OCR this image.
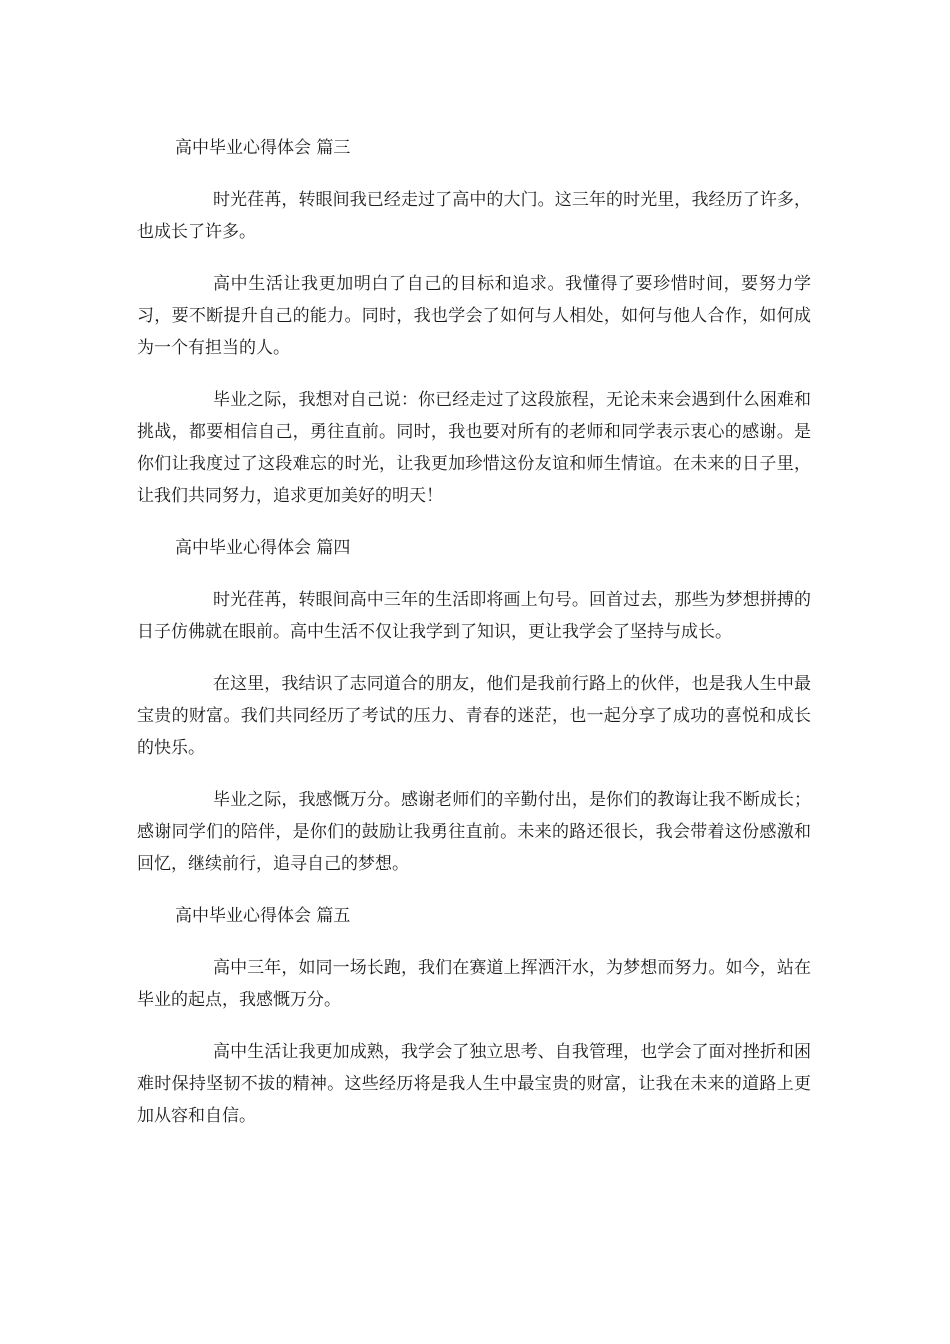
高中毕业心得体会 篇三

时光荏苒，转眼间我已经走过了高中的大门。这三年的时光里，我经历了许多，也成长了许多。

高中生活让我更加明白了自己的目标和追求。我懂得了要珍惜时间，要努力学习，要不断提升自己的能力。同时，我也学会了如何与人相处，如何与他人合作，如何成为一个有担当的人。

毕业之际，我想对自己说：你已经走过了这段旅程，无论未来会遇到什么困难和挑战，都要相信自己，勇往直前。同时，我也要对所有的老师和同学表示衷心的感谢。是你们让我度过了这段难忘的时光，让我更加珍惜这份友谊和师生情谊。在未来的日子里，让我们共同努力，追求更加美好的明天！

高中毕业心得体会 篇四

时光荏苒，转眼间高中三年的生活即将画上句号。回首过去，那些为梦想拼搏的日子仿佛就在眼前。高中生活不仅让我学到了知识，更让我学会了坚持与成长。

在这里，我结识了志同道合的朋友，他们是我前行路上的伙伴，也是我人生中最宝贵的财富。我们共同经历了考试的压力、青春的迷茫，也一起分享了成功的喜悦和成长的快乐。

毕业之际，我感慨万分。感谢老师们的辛勤付出，是你们的教诲让我不断成长；感谢同学们的陪伴，是你们的鼓励让我勇往直前。未来的路还很长，我会带着这份感激和回忆，继续前行，追寻自己的梦想。

高中毕业心得体会 篇五

高中三年，如同一场长跑，我们在赛道上挥洒汗水，为梦想而努力。如今，站在毕业的起点，我感慨万分。

高中生活让我更加成熟，我学会了独立思考、自我管理，也学会了面对挫折和困难时保持坚韧不拔的精神。这些经历将是我人生中最宝贵的财富，让我在未来的道路上更加从容和自信。
